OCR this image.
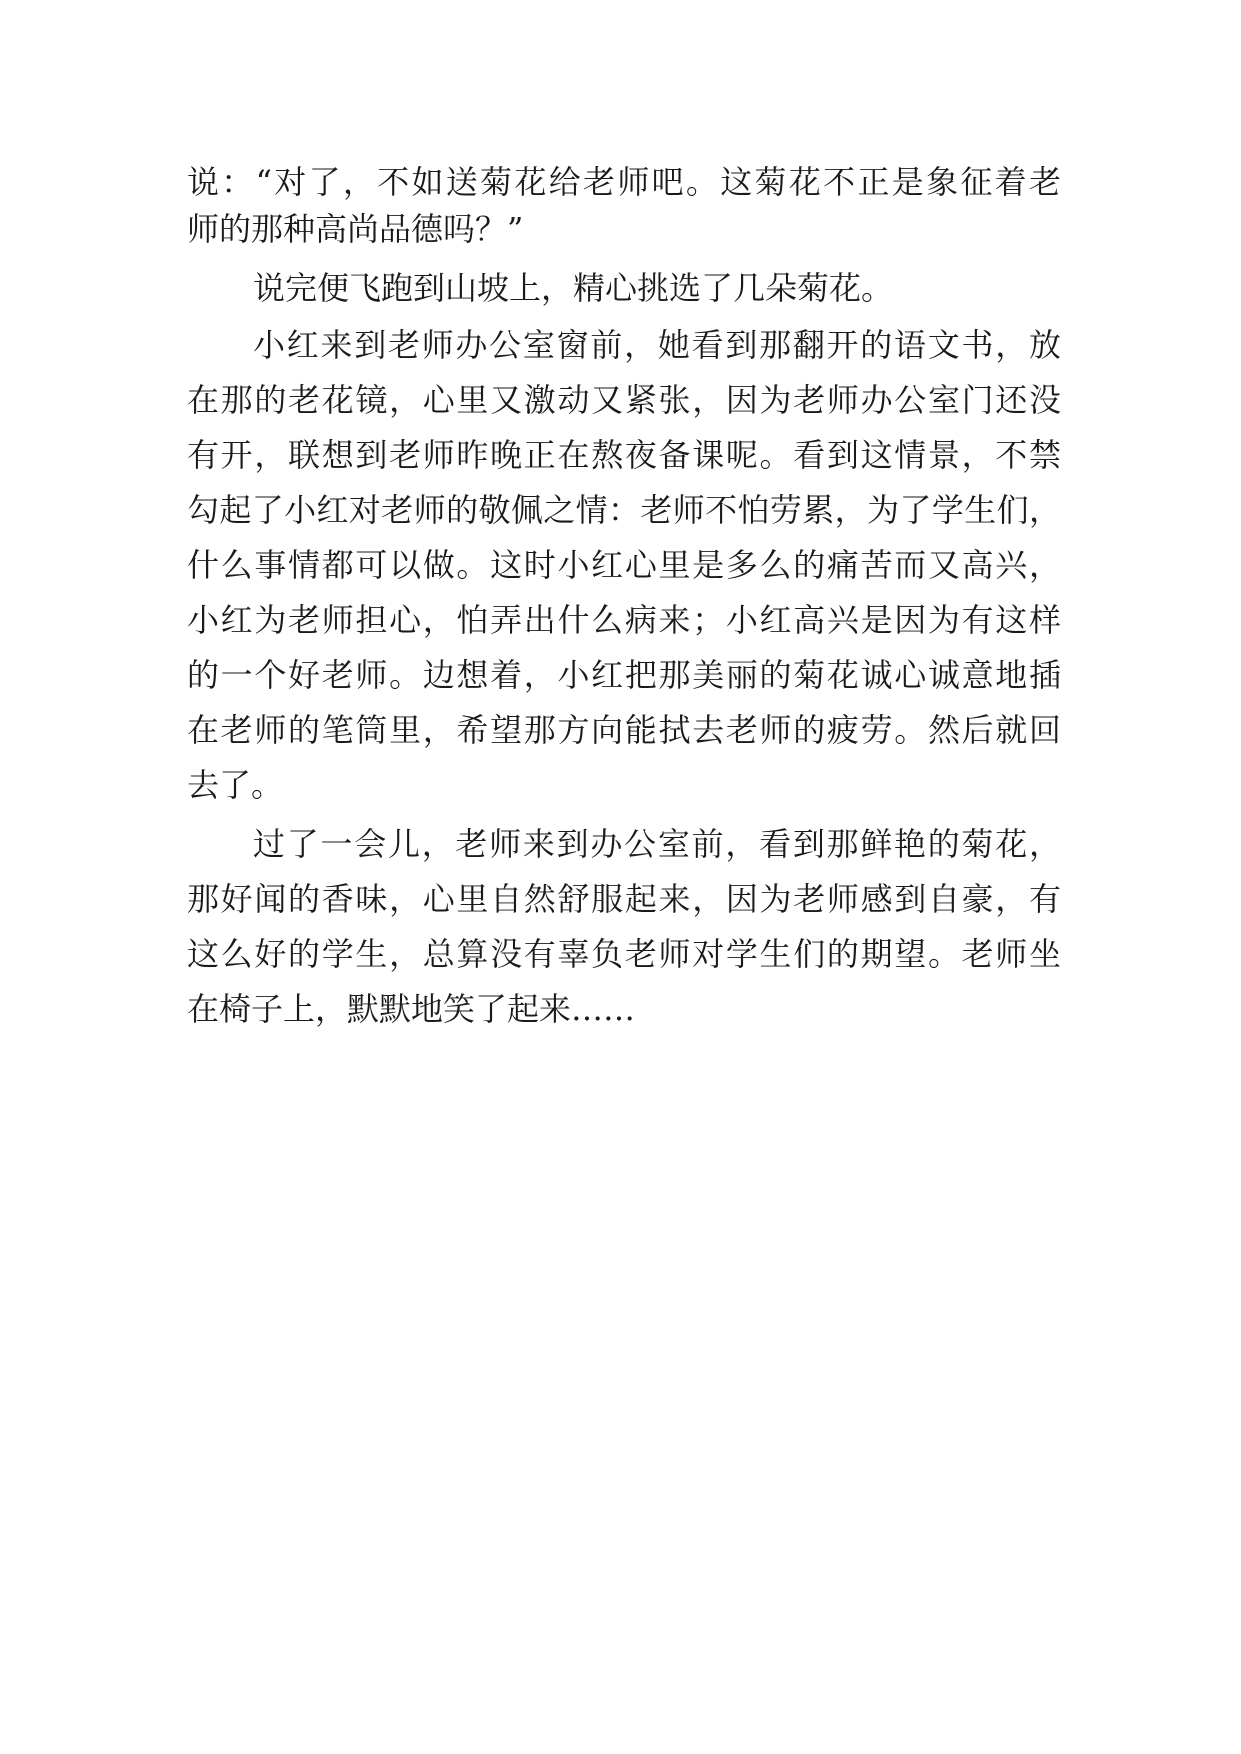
说：“对了，不如送菊花给老师吧。这菊花不正是象征着老
师的那种高尚品德吗？”
说完便飞跑到山坡上，精心挑选了几朵菊花。
小红来到老师办公室窗前，她看到那翻开的语文书，放
在那的老花镜，心里又激动又紧张，因为老师办公室门还没
有开，联想到老师昨晚正在熬夜备课呢。看到这情景，不禁
勾起了小红对老师的敬佩之情：老师不怕劳累，为了学生们，
什么事情都可以做。这时小红心里是多么的痛苦而又高兴，
小红为老师担心，怕弄出什么病来；小红高兴是因为有这样
的一个好老师。边想着，小红把那美丽的菊花诚心诚意地插
在老师的笔筒里，希望那方向能拭去老师的疲劳。然后就回
去了。
过了一会儿，老师来到办公室前，看到那鲜艳的菊花，
那好闻的香味，心里自然舒服起来，因为老师感到自豪，有
这么好的学生，总算没有辜负老师对学生们的期望。老师坐
在椅子上，默默地笑了起来……
